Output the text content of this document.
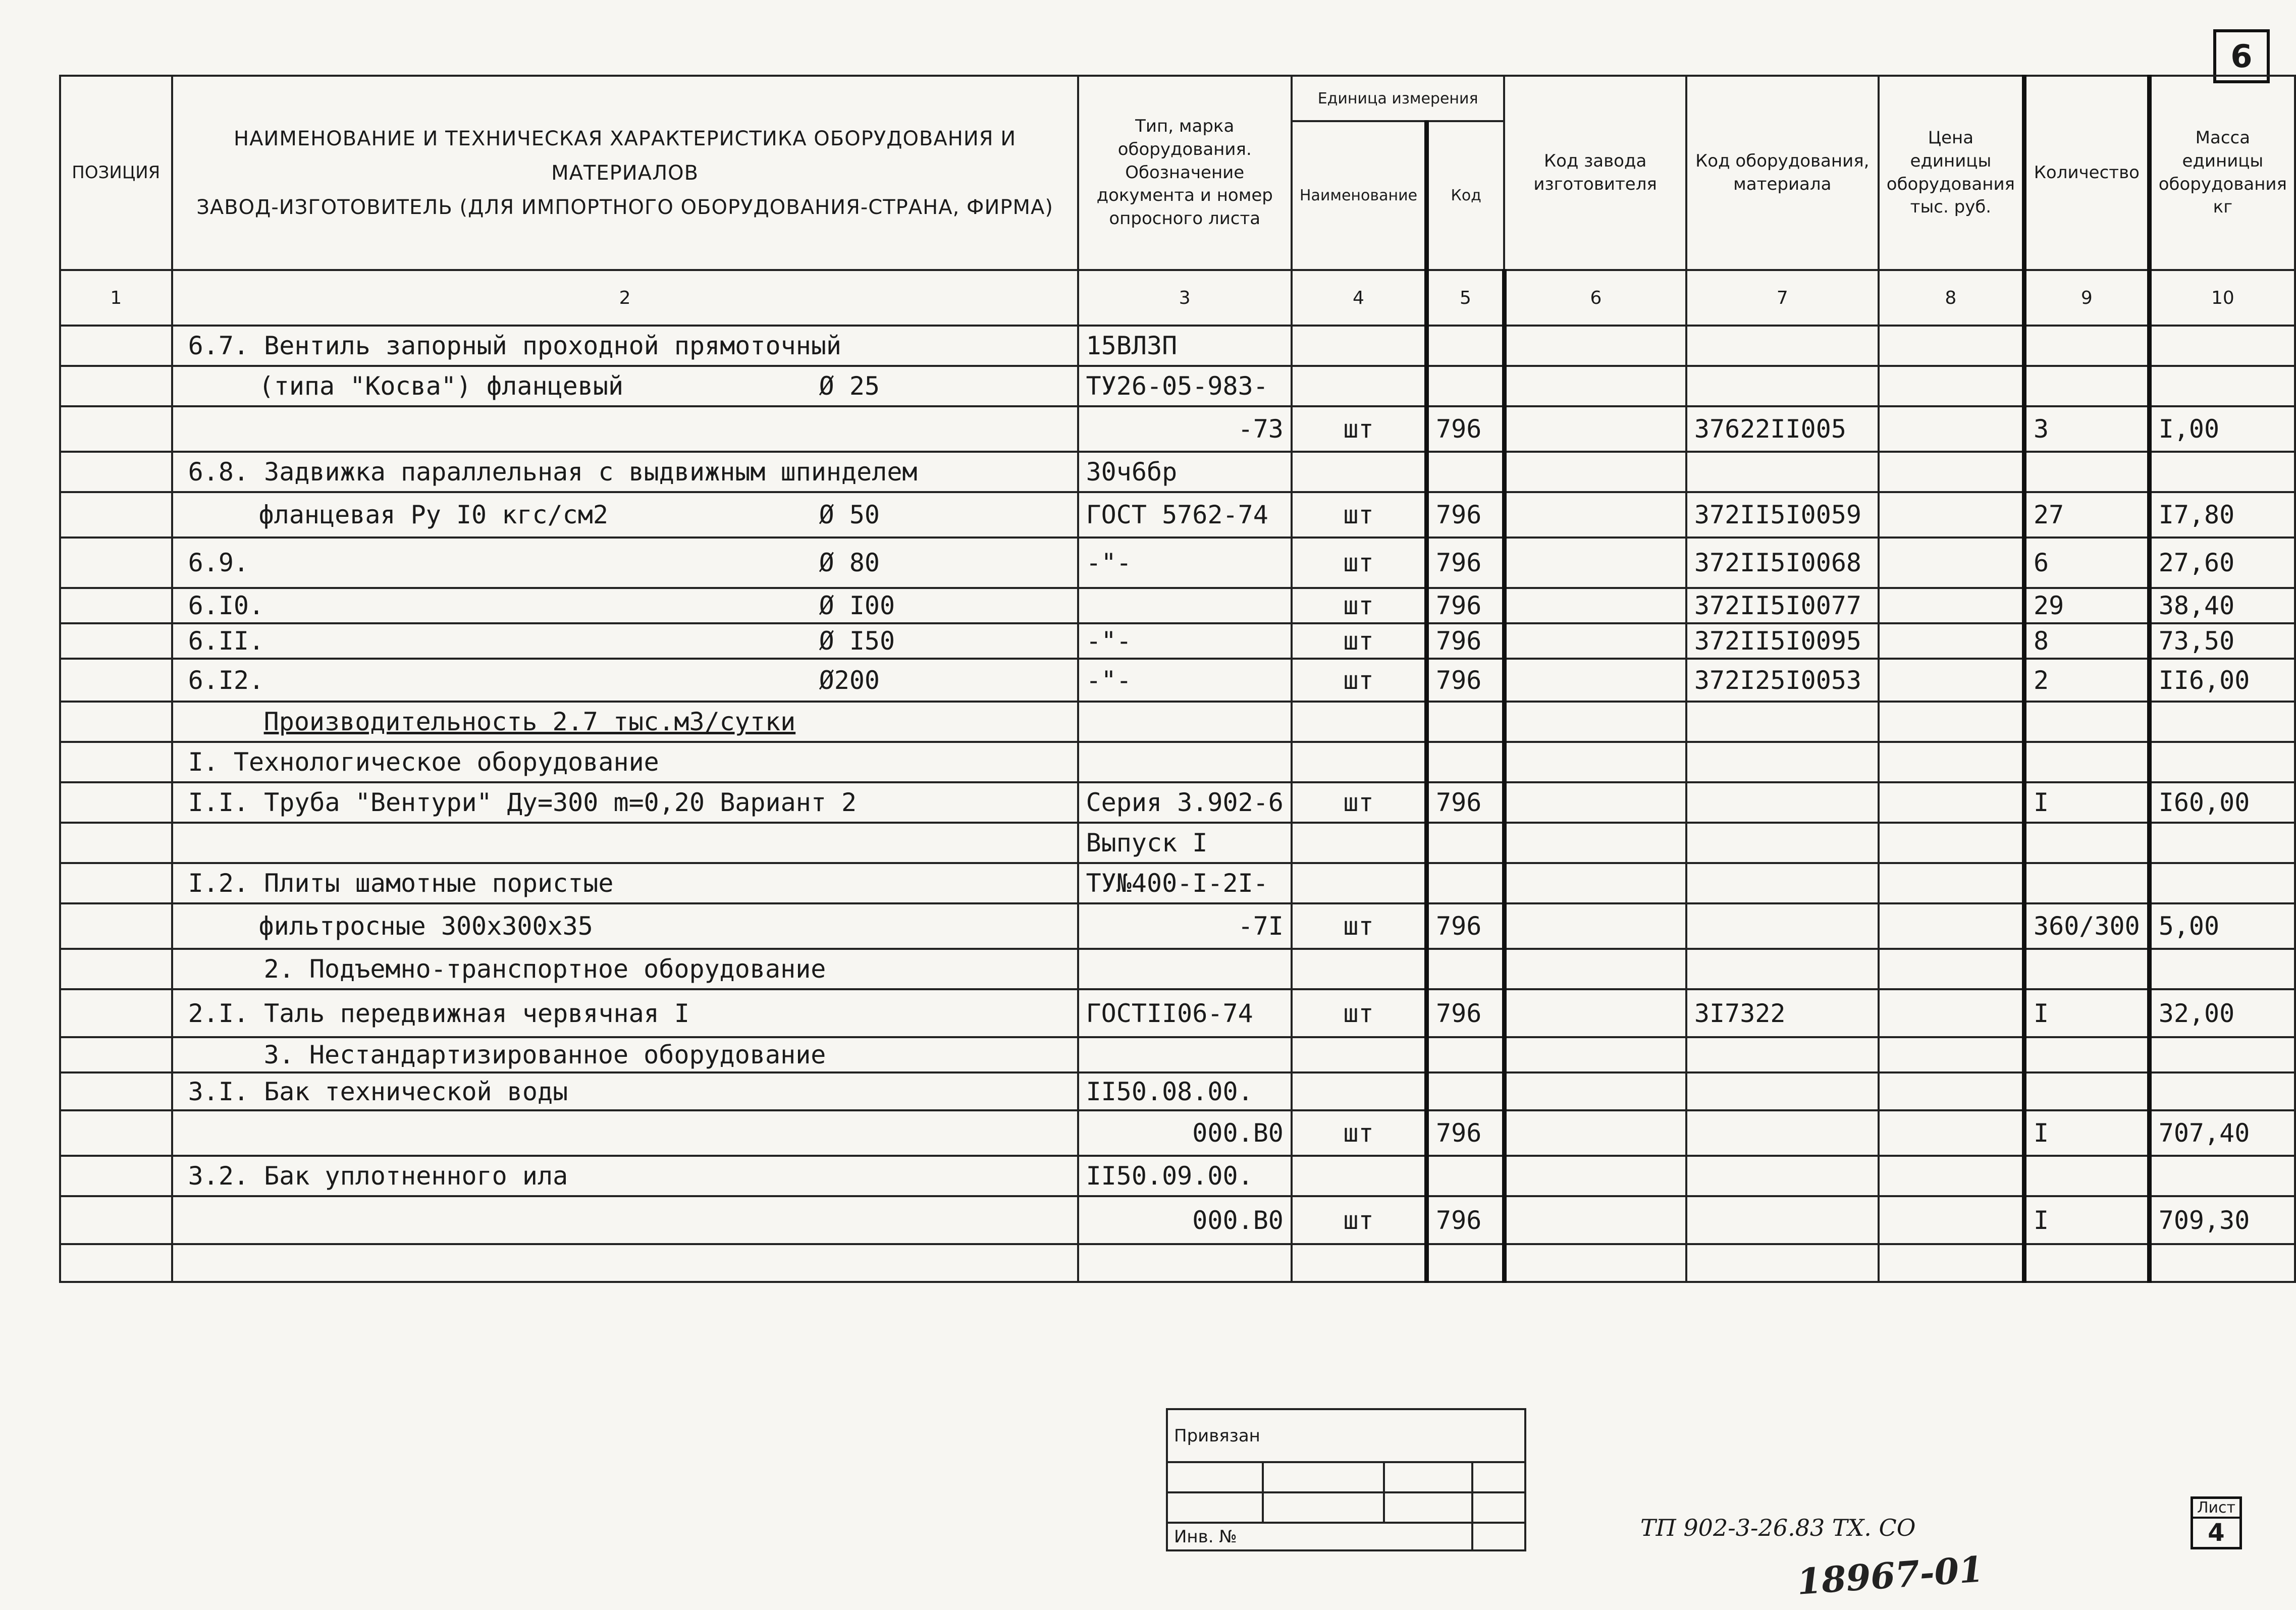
6
ПОЗИЦИЯ	НАИМЕНОВАНИЕ И ТЕХНИЧЕСКАЯ ХАРАКТЕРИСТИКА ОБОРУДОВАНИЯ И МАТЕРИАЛОВ
ЗАВОД-ИЗГОТОВИТЕЛЬ (ДЛЯ ИМПОРТНОГО ОБОРУДОВАНИЯ-СТРАНА, ФИРМА)	Тип, марка оборудования. Обозначение документа и номер опросного листа	Единица измерения		Код завода изготовителя	Код оборудования, материала	Цена единицы оборудования тыс. руб.	Количество	Масса единицы оборудования кг
			Наименование	Код					
1	2	3	4	5	6	7	8	9	10
	6.7. Вентиль запорный проходной прямоточный	15ВЛ3П							
	(типа "Косва") фланцевый Ø 25	ТУ26-05-983-							

	-73	шт	796		37622II005		3	I,00
	6.8. Задвижка параллельная с выдвижным шпинделем	30ч6бр							
	фланцевая Ру I0 кгс/см2 Ø 50	ГОСТ 5762-74	шт	796		372II5I0059		27	I7,80
	6.9. Ø 80	-"-	шт	796		372II5I0068		6	27,60
	6.I0. Ø I00		шт	796		372II5I0077		29	38,40
	6.II. Ø I50	-"-	шт	796		372II5I0095		8	73,50
	6.I2. Ø200	-"-	шт	796		372I25I0053		2	II6,00
	Производительность 2.7 тыс.м3/сутки

	I. Технологическое оборудование

	I.I. Труба "Вентури" Ду=300 m=0,20 Вариант 2	Серия 3.902-6	шт	796				I	I60,00

	Выпуск I							
	I.2. Плиты шамотные пористые	ТУ№400-I-2I-							
	фильтросные 300х300х35	-7I	шт	796				360/300	5,00
	2. Подъемно-транспортное оборудование

	2.I. Таль передвижная червячная I	ГОСТII06-74	шт	796		3I7322		I	32,00
	3. Нестандартизированное оборудование

	3.I. Бак технической воды	II50.08.00.							

	000.В0	шт	796				I	707,40
	3.2. Бак уплотненного ила	II50.09.00.							

	000.В0	шт	796				I	709,30

Привязан			

Инв. №				ТП 902-3-26.83 ТХ. СО
Лист
4
18967-01
